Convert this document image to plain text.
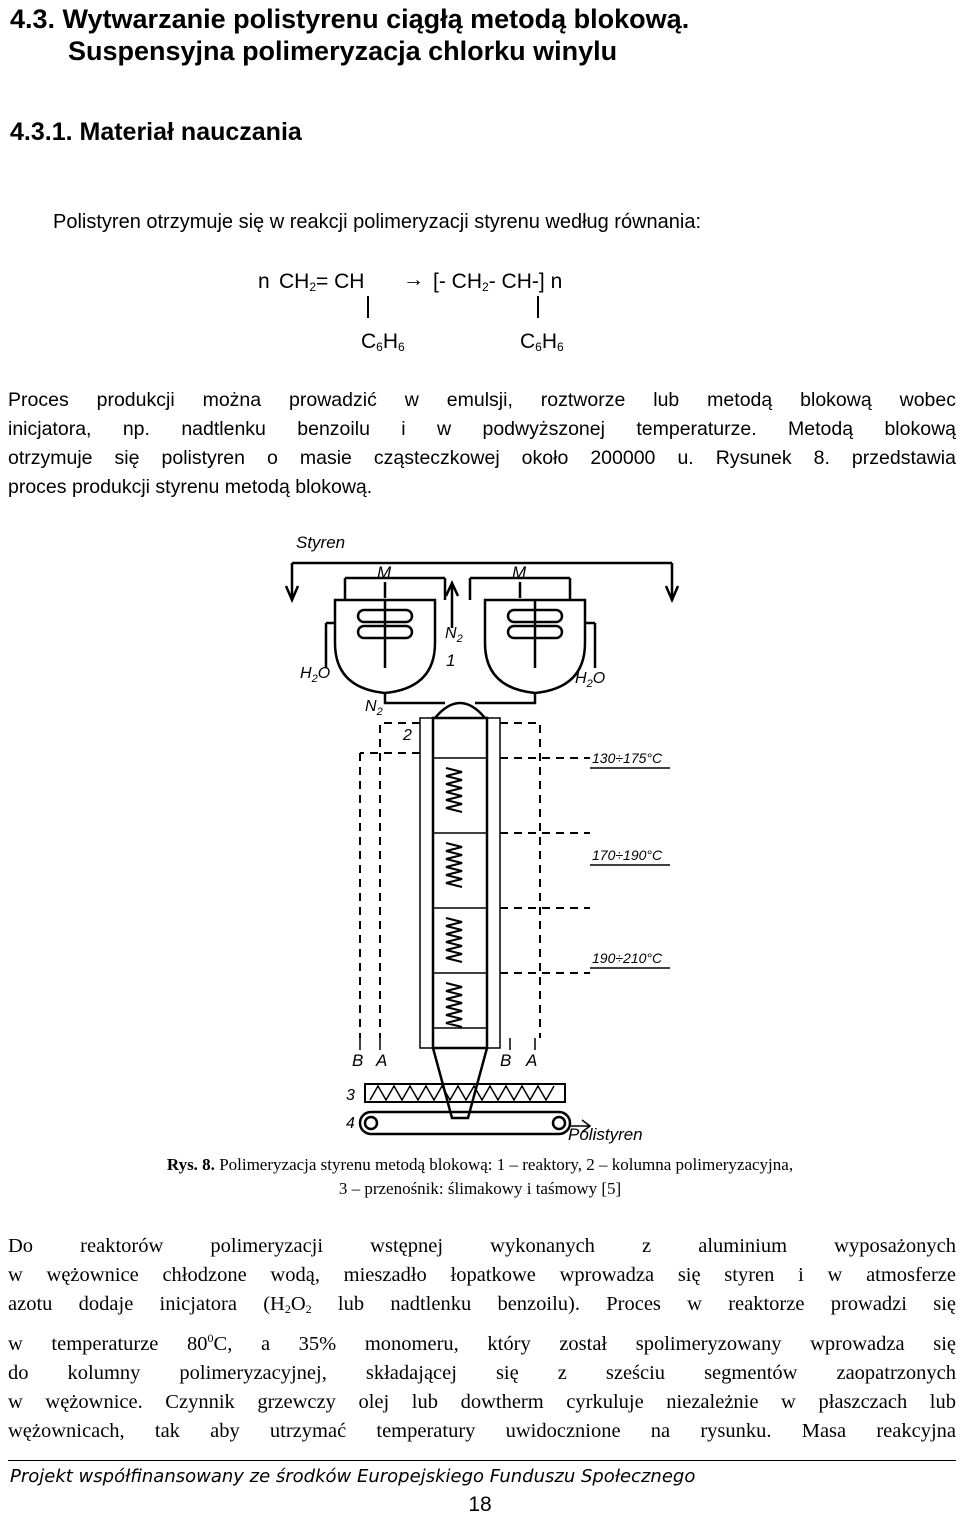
4.3. Wytwarzanie polistyrenu ciągłą metodą blokową.
Suspensyjna polimeryzacja chlorku winylu
4.3.1. Materiał nauczania
Polistyren otrzymuje się w reakcji polimeryzacji styrenu według równania:
n $CH_2=$ CH → [- $CH_2-$ CH-] n
$C_6H_6$	$C_6H_6$
Proces produkcji można prowadzić w emulsji, roztworze lub metodą blokową wobec
inicjatora, np. nadtlenku benzoilu i w podwyższonej temperaturze. Metodą blokową
otrzymuje się polistyren o masie cząsteczkowej około 200000 u. Rysunek 8. przedstawia
proces produkcji styrenu metodą blokową.
Styren
M	M
$N_2$
1
$H_2O$	$H_2O$
$N_2$
2
130÷175°C
170÷190°C
190÷210°C
B A	B A
3
4
Polistyren
Rys. 8. Polimeryzacja styrenu metodą blokową: 1 – reaktory, 2 – kolumna polimeryzacyjna,
3 – przenośnik: ślimakowy i taśmowy [5]
Do reaktorów polimeryzacji wstępnej wykonanych z aluminium wyposażonych
w wężownice chłodzone wodą, mieszadło łopatkowe wprowadza się styren i w atmosferze
azotu dodaje inicjatora ($H_2O_2$ lub nadtlenku benzoilu). Proces w reaktorze prowadzi się
w temperaturze $80^0C$, a 35% monomeru, który został spolimeryzowany wprowadza się
do kolumny polimeryzacyjnej, składającej się z sześciu segmentów zaopatrzonych
w wężownice. Czynnik grzewczy olej lub dowtherm cyrkuluje niezależnie w płaszczach lub
wężownicach, tak aby utrzymać temperatury uwidocznione na rysunku. Masa reakcyjna
Projekt współfinansowany ze środków Europejskiego Funduszu Społecznego
18
